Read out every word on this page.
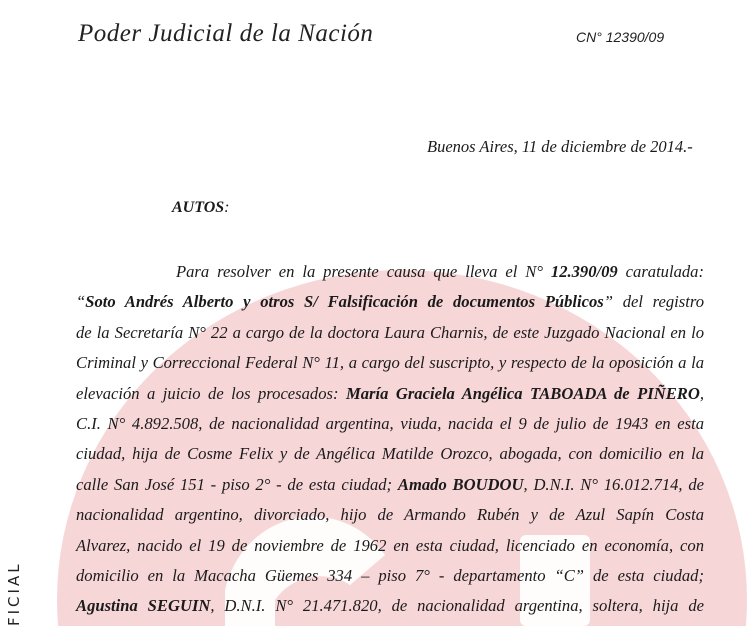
Poder Judicial de la Nación	CN° 12390/09
Buenos Aires, 11 de diciembre de 2014.-
AUTOS:
Para resolver en la presente causa que lleva el N° 12.390/09 caratulada:
“Soto Andrés Alberto y otros S/ Falsificación de documentos Públicos” del registro
de la Secretaría N° 22 a cargo de la doctora Laura Charnis, de este Juzgado Nacional en lo
Criminal y Correccional Federal N° 11, a cargo del suscripto, y respecto de la oposición a la
elevación a juicio de los procesados: María Graciela Angélica TABOADA de PIÑERO,
C.I. N° 4.892.508, de nacionalidad argentina, viuda, nacida el 9 de julio de 1943 en esta
ciudad, hija de Cosme Felix y de Angélica Matilde Orozco, abogada, con domicilio en la
calle San José 151 - piso 2° - de esta ciudad; Amado BOUDOU, D.N.I. N° 16.012.714, de
nacionalidad argentino, divorciado, hijo de Armando Rubén y de Azul Sapín Costa
Alvarez, nacido el 19 de noviembre de 1962 en esta ciudad, licenciado en economía, con
domicilio en la Macacha Güemes 334 – piso 7° - departamento “C” de esta ciudad;
Agustina SEGUIN, D.N.I. N° 21.471.820, de nacionalidad argentina, soltera, hija de
FICIAL
